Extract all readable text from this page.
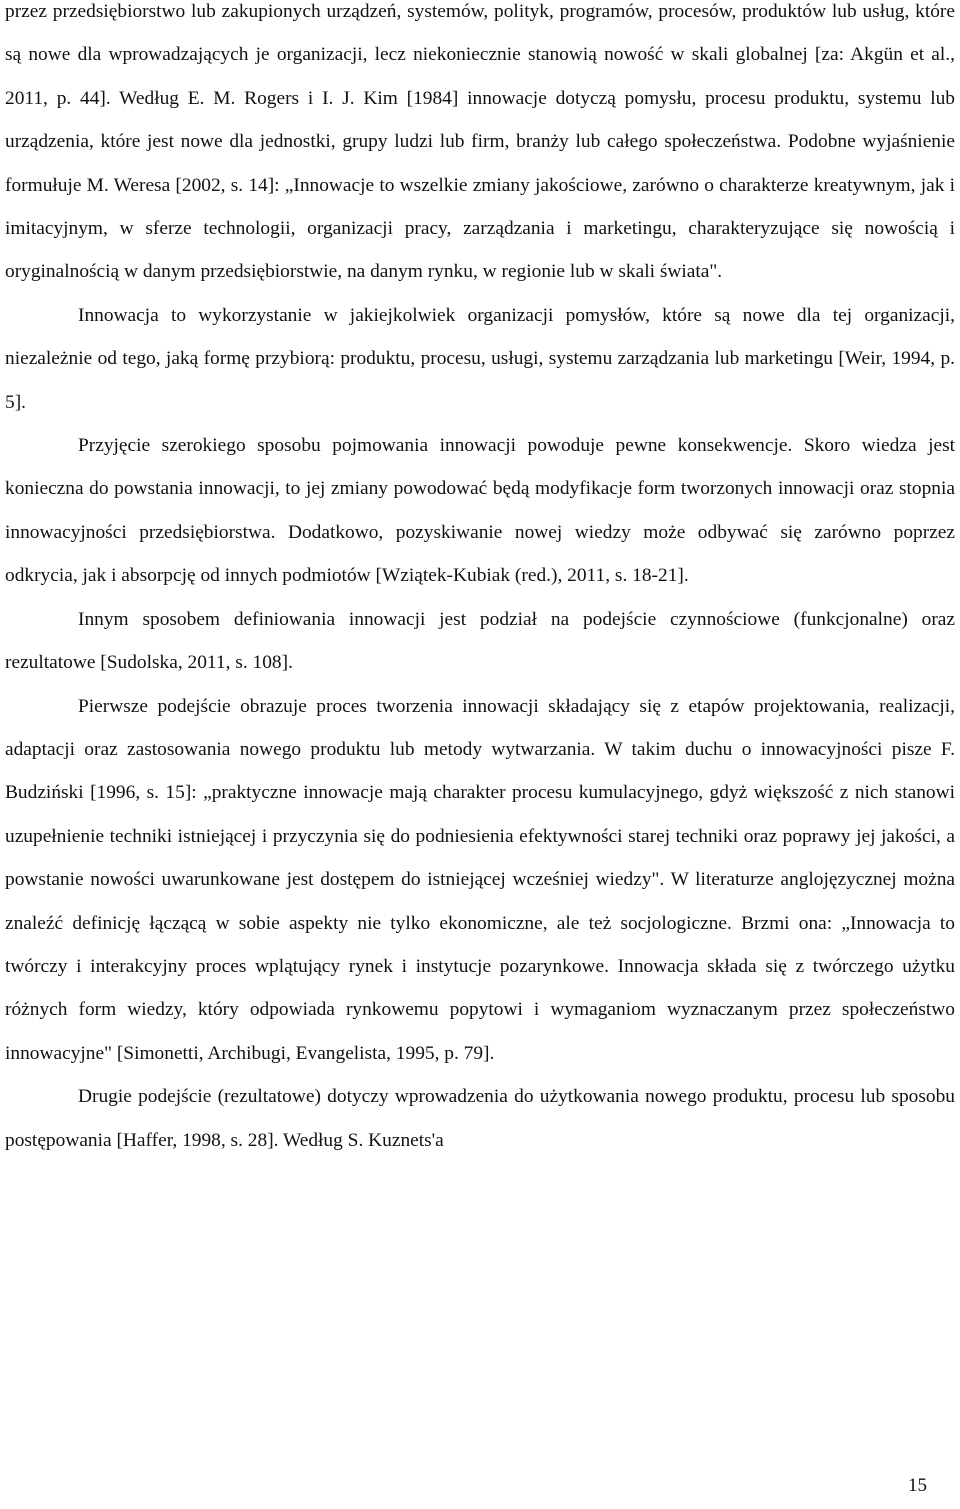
przez przedsiębiorstwo lub zakupionych urządzeń, systemów, polityk, programów, procesów, produktów lub usług, które są nowe dla wprowadzających je organizacji, lecz niekoniecznie stanowią nowość w skali globalnej [za: Akgün et al., 2011, p. 44]. Według E. M. Rogers i I. J. Kim [1984] innowacje dotyczą pomysłu, procesu produktu, systemu lub urządzenia, które jest nowe dla jednostki, grupy ludzi lub firm, branży lub całego społeczeństwa. Podobne wyjaśnienie formułuje M. Weresa [2002, s. 14]: „Innowacje to wszelkie zmiany jakościowe, zarówno o charakterze kreatywnym, jak i imitacyjnym, w sferze technologii, organizacji pracy, zarządzania i marketingu, charakteryzujące się nowością i oryginalnością w danym przedsiębiorstwie, na danym rynku, w regionie lub w skali świata".

Innowacja to wykorzystanie w jakiejkolwiek organizacji pomysłów, które są nowe dla tej organizacji, niezależnie od tego, jaką formę przybiorą: produktu, procesu, usługi, systemu zarządzania lub marketingu [Weir, 1994, p. 5].

Przyjęcie szerokiego sposobu pojmowania innowacji powoduje pewne konsekwencje. Skoro wiedza jest konieczna do powstania innowacji, to jej zmiany powodować będą modyfikacje form tworzonych innowacji oraz stopnia innowacyjności przedsiębiorstwa. Dodatkowo, pozyskiwanie nowej wiedzy może odbywać się zarówno poprzez odkrycia, jak i absorpcję od innych podmiotów [Wziątek-Kubiak (red.), 2011, s. 18-21].

Innym sposobem definiowania innowacji jest podział na podejście czynnościowe (funkcjonalne) oraz rezultatowe [Sudolska, 2011, s. 108].

Pierwsze podejście obrazuje proces tworzenia innowacji składający się z etapów projektowania, realizacji, adaptacji oraz zastosowania nowego produktu lub metody wytwarzania. W takim duchu o innowacyjności pisze F. Budziński [1996, s. 15]: „praktyczne innowacje mają charakter procesu kumulacyjnego, gdyż większość z nich stanowi uzupełnienie techniki istniejącej i przyczynia się do podniesienia efektywności starej techniki oraz poprawy jej jakości, a powstanie nowości uwarunkowane jest dostępem do istniejącej wcześniej wiedzy". W literaturze anglojęzycznej można znaleźć definicję łączącą w sobie aspekty nie tylko ekonomiczne, ale też socjologiczne. Brzmi ona: „Innowacja to twórczy i interakcyjny proces wplątujący rynek i instytucje pozarynkowe. Innowacja składa się z twórczego użytku różnych form wiedzy, który odpowiada rynkowemu popytowi i wymaganiom wyznaczanym przez społeczeństwo innowacyjne" [Simonetti, Archibugi, Evangelista, 1995, p. 79].

Drugie podejście (rezultatowe) dotyczy wprowadzenia do użytkowania nowego produktu, procesu lub sposobu postępowania [Haffer, 1998, s. 28]. Według S. Kuznets'a

15
